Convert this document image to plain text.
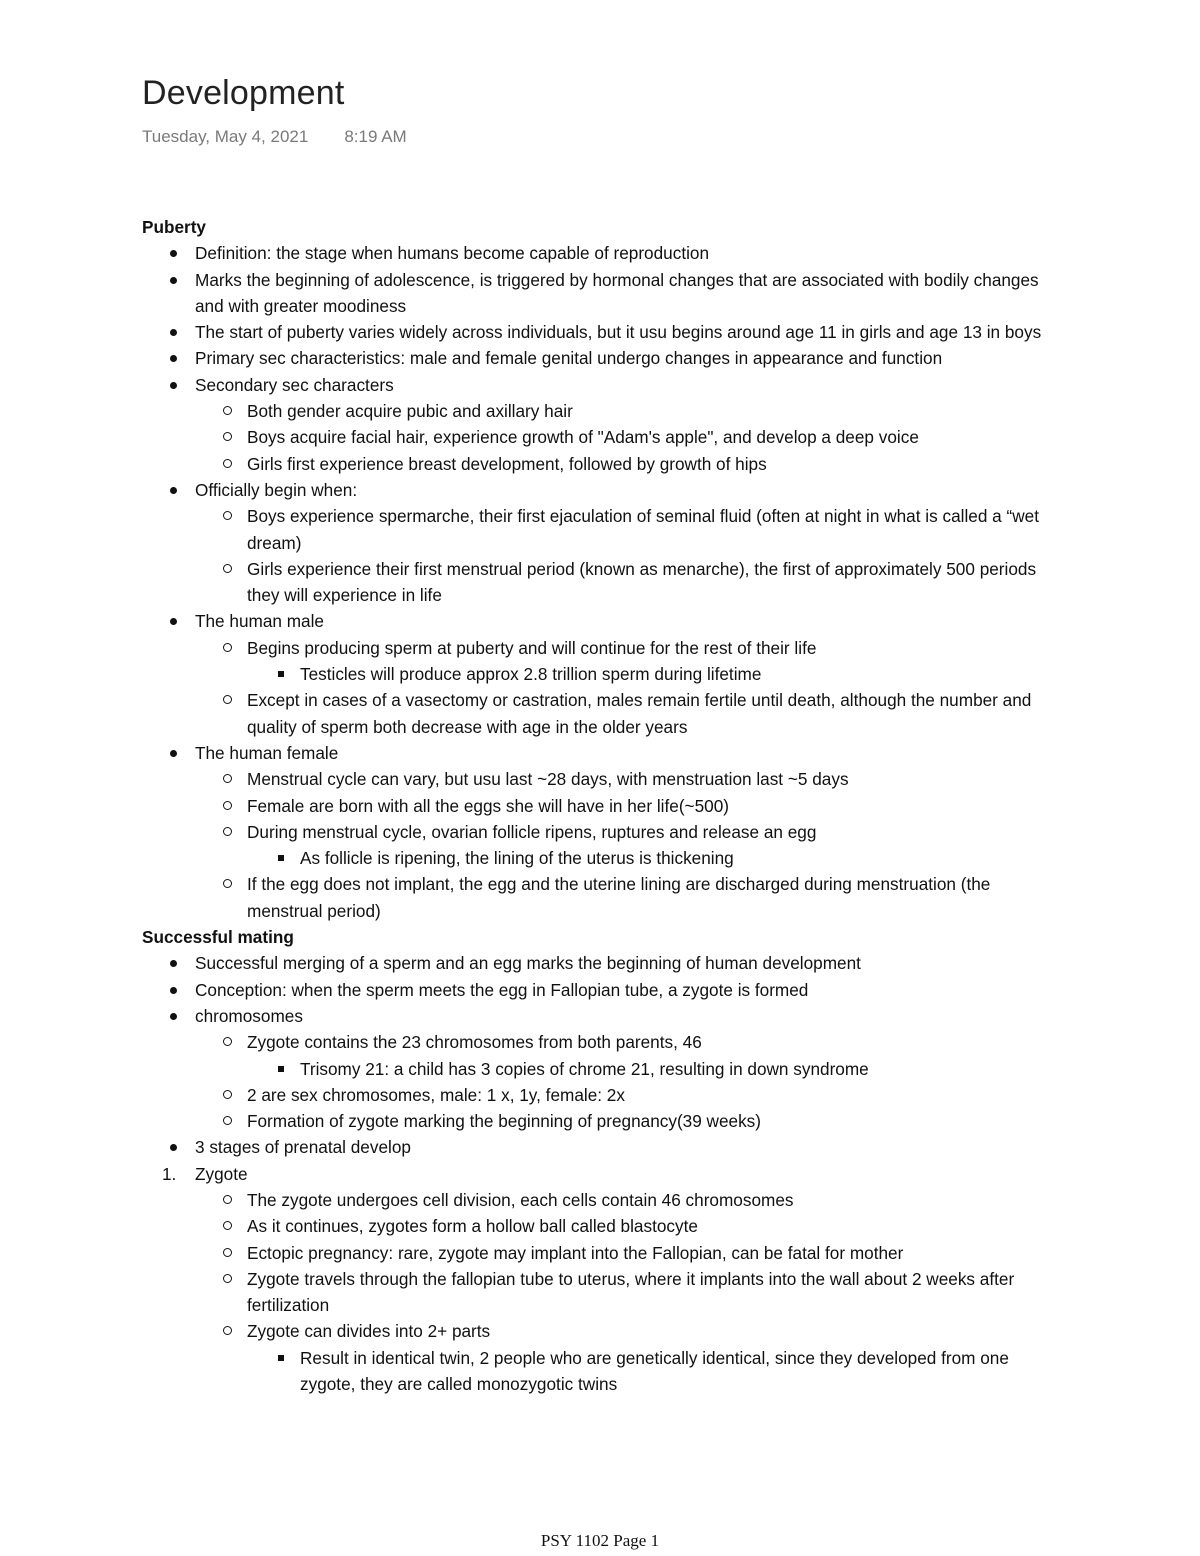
Development
Tuesday, May 4, 2021 8:19 AM
Puberty
Definition: the stage when humans become capable of reproduction
Marks the beginning of adolescence, is triggered by hormonal changes that are associated with bodily changes and with greater moodiness
The start of puberty varies widely across individuals, but it usu begins around age 11 in girls and age 13 in boys
Primary sec characteristics: male and female genital undergo changes in appearance and function
Secondary sec characters
Both gender acquire pubic and axillary hair
Boys acquire facial hair, experience growth of "Adam's apple", and develop a deep voice
Girls first experience breast development, followed by growth of hips
Officially begin when:
Boys experience spermarche, their first ejaculation of seminal fluid (often at night in what is called a “wet dream)
Girls experience their first menstrual period (known as menarche), the first of approximately 500 periods they will experience in life
The human male
Begins producing sperm at puberty and will continue for the rest of their life
Testicles will produce approx 2.8 trillion sperm during lifetime
Except in cases of a vasectomy or castration, males remain fertile until death, although the number and quality of sperm both decrease with age in the older years
The human female
Menstrual cycle can vary, but usu last ~28 days, with menstruation last ~5 days
Female are born with all the eggs she will have in her life(~500)
During menstrual cycle, ovarian follicle ripens, ruptures and release an egg
As follicle is ripening, the lining of the uterus is thickening
If the egg does not implant, the egg and the uterine lining are discharged during menstruation (the menstrual period)
Successful mating
Successful merging of a sperm and an egg marks the beginning of human development
Conception: when the sperm meets the egg in Fallopian tube, a zygote is formed
chromosomes
Zygote contains the 23 chromosomes from both parents, 46
Trisomy 21: a child has 3 copies of chrome 21, resulting in down syndrome
2 are sex chromosomes, male: 1 x, 1y, female: 2x
Formation of zygote marking the beginning of pregnancy(39 weeks)
3 stages of prenatal develop
1. Zygote
The zygote undergoes cell division, each cells contain 46 chromosomes
As it continues, zygotes form a hollow ball called blastocyte
Ectopic pregnancy: rare, zygote may implant into the Fallopian, can be fatal for mother
Zygote travels through the fallopian tube to uterus, where it implants into the wall about 2 weeks after fertilization
Zygote can divides into 2+ parts
Result in identical twin, 2 people who are genetically identical, since they developed from one zygote, they are called monozygotic twins
PSY 1102 Page 1
